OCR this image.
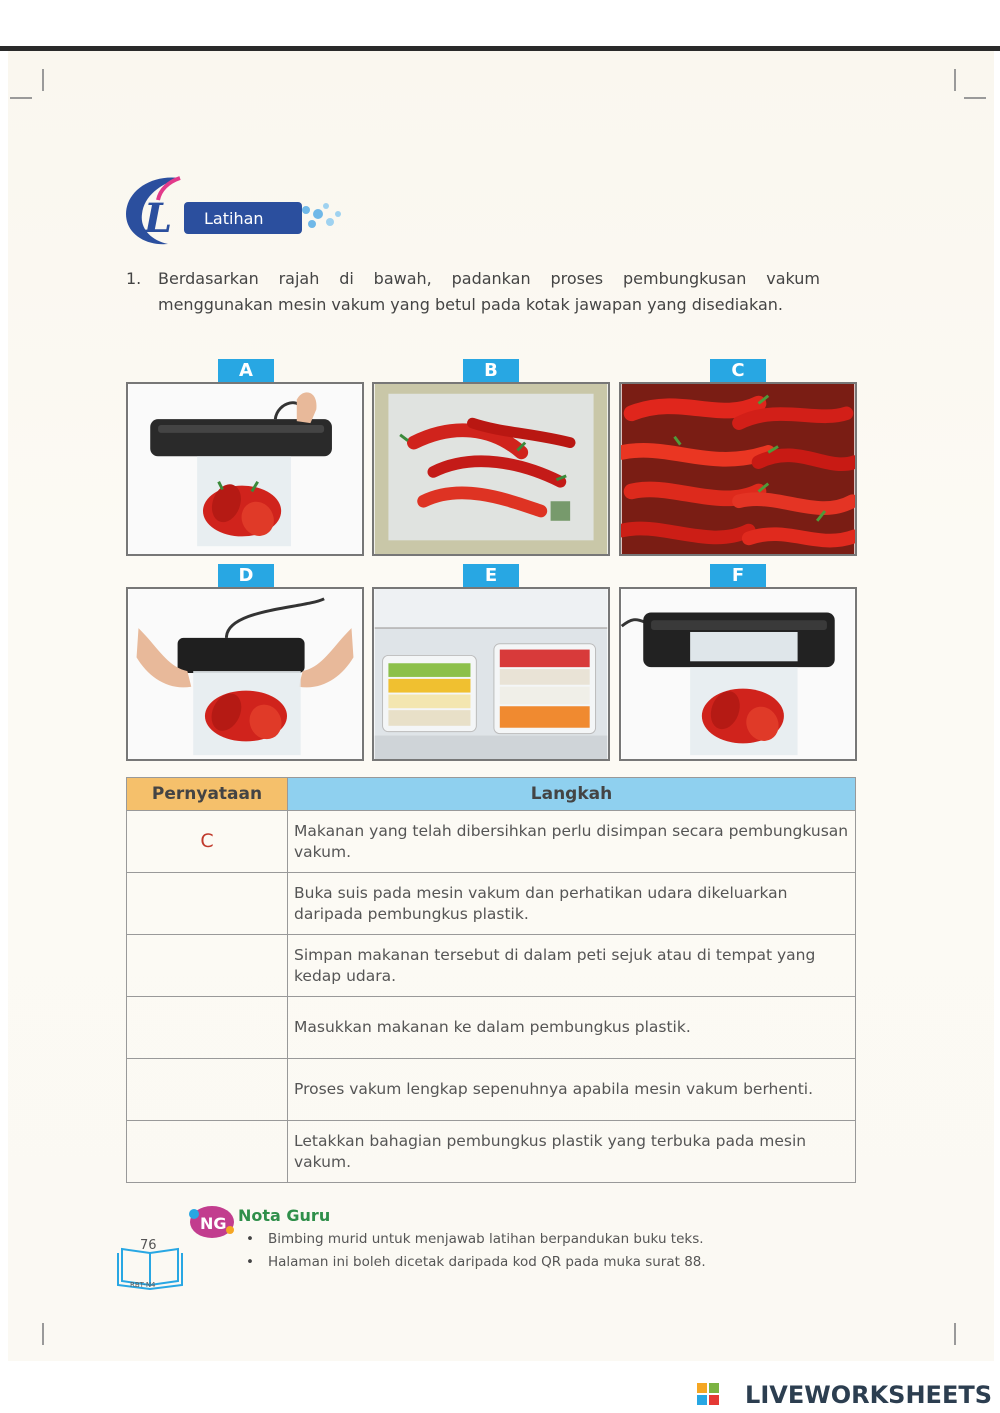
L	Latihan
1. Berdasarkan rajah di bawah, padankan proses pembungkusan vakum menggunakan mesin vakum yang betul pada kotak jawapan yang disediakan.
A	B	C
D	E	F
Pernyataan	Langkah
C	Makanan yang telah dibersihkan perlu disimpan secara pembungkusan vakum.
	Buka suis pada mesin vakum dan perhatikan udara dikeluarkan daripada pembungkus plastik.
	Simpan makanan tersebut di dalam peti sejuk atau di tempat yang kedap udara.
	Masukkan makanan ke dalam pembungkus plastik.
	Proses vakum lengkap sepenuhnya apabila mesin vakum berhenti.
	Letakkan bahagian pembungkus plastik yang terbuka pada mesin vakum.
NG Nota Guru
• Bimbing murid untuk menjawab latihan berpandukan buku teks.
• Halaman ini boleh dicetak daripada kod QR pada muka surat 88.
76
RBT-N4
LIVEWORKSHEETS
